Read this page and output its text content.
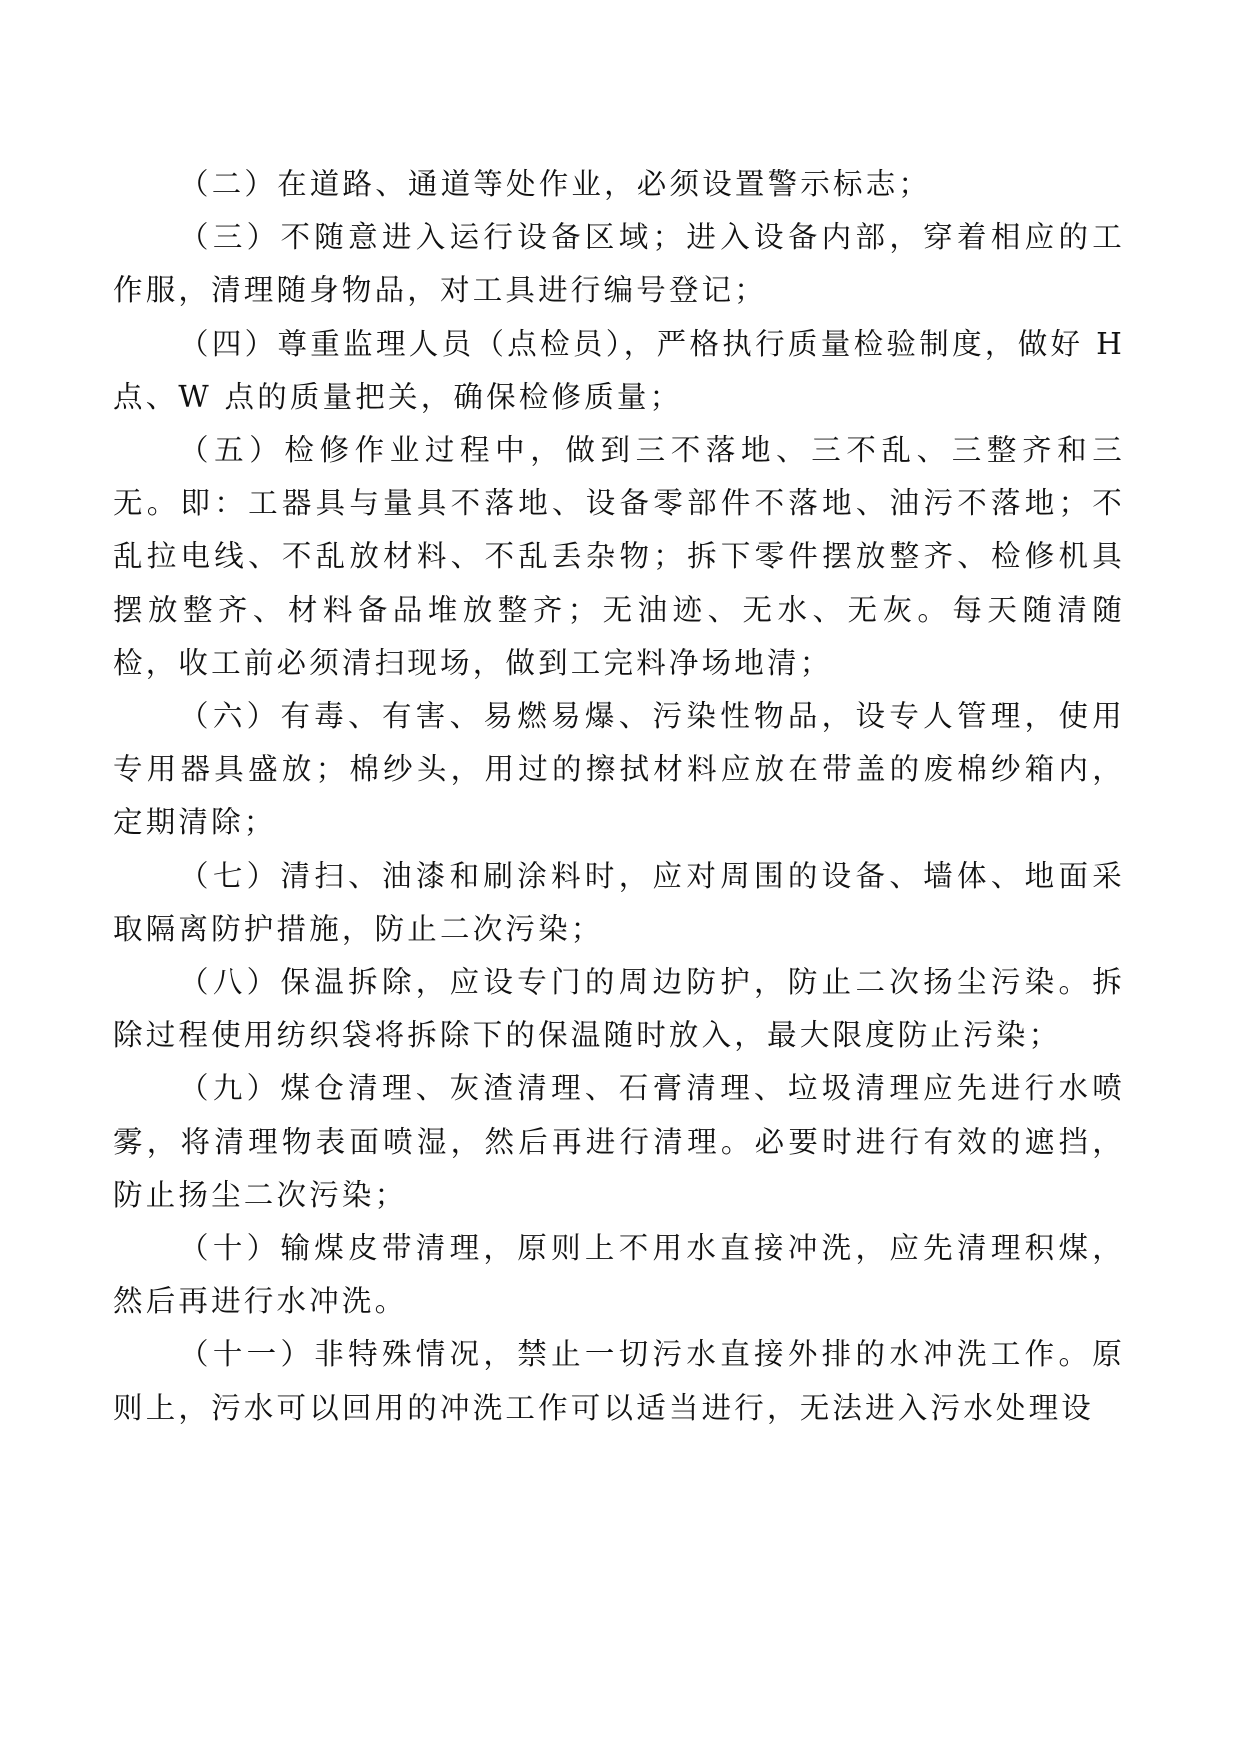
（二）在道路、通道等处作业，必须设置警示标志；

（三）不随意进入运行设备区域；进入设备内部，穿着相应的工作服，清理随身物品，对工具进行编号登记；

（四）尊重监理人员（点检员），严格执行质量检验制度，做好 H 点、W 点的质量把关，确保检修质量；

（五）检修作业过程中，做到三不落地、三不乱、三整齐和三无。即：工器具与量具不落地、设备零部件不落地、油污不落地；不乱拉电线、不乱放材料、不乱丢杂物；拆下零件摆放整齐、检修机具摆放整齐、材料备品堆放整齐；无油迹、无水、无灰。每天随清随检，收工前必须清扫现场，做到工完料净场地清；

（六）有毒、有害、易燃易爆、污染性物品，设专人管理，使用专用器具盛放；棉纱头，用过的擦拭材料应放在带盖的废棉纱箱内，定期清除；

（七）清扫、油漆和刷涂料时，应对周围的设备、墙体、地面采取隔离防护措施，防止二次污染；

（八）保温拆除，应设专门的周边防护，防止二次扬尘污染。拆除过程使用纺织袋将拆除下的保温随时放入，最大限度防止污染；

（九）煤仓清理、灰渣清理、石膏清理、垃圾清理应先进行水喷雾，将清理物表面喷湿，然后再进行清理。必要时进行有效的遮挡，防止扬尘二次污染；

（十）输煤皮带清理，原则上不用水直接冲洗，应先清理积煤，然后再进行水冲洗。

（十一）非特殊情况，禁止一切污水直接外排的水冲洗工作。原则上，污水可以回用的冲洗工作可以适当进行，无法进入污水处理设
